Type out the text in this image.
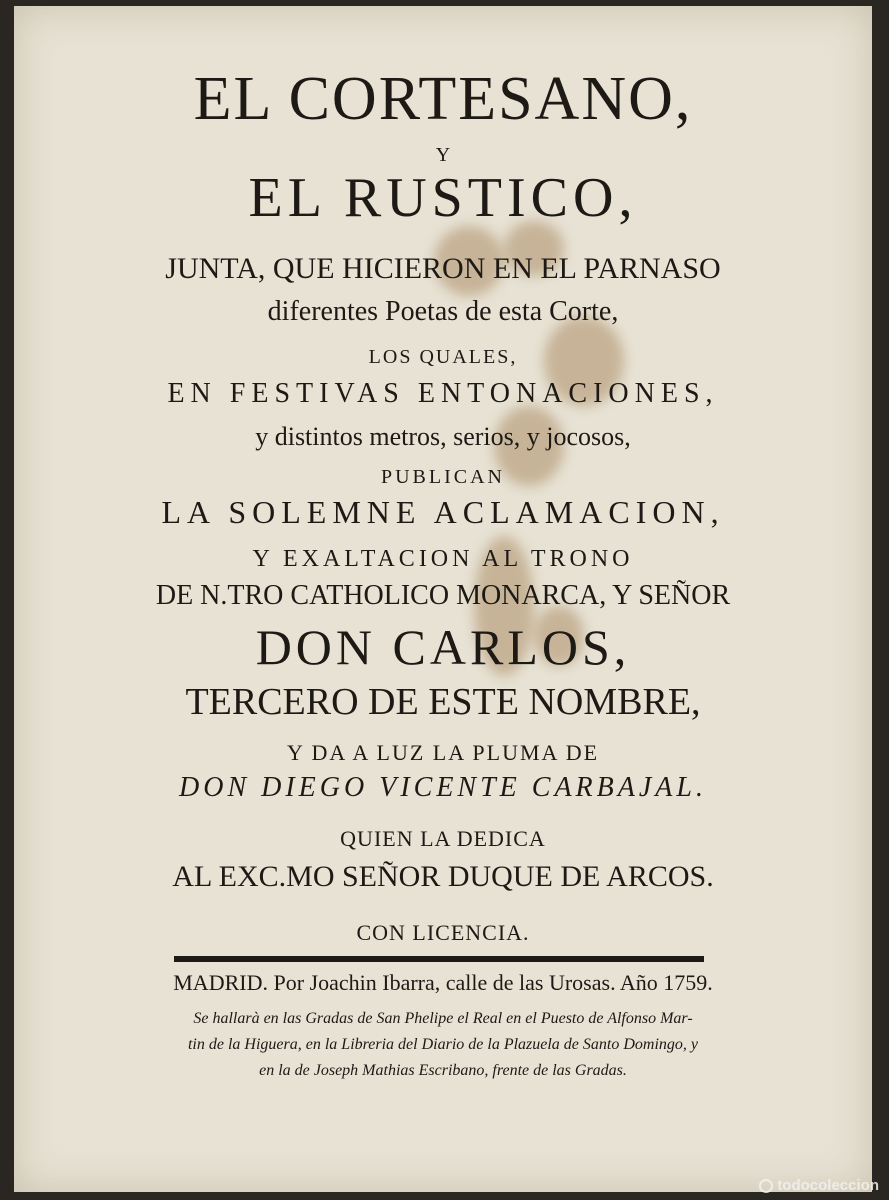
EL CORTESANO,
Y
EL RUSTICO,
JUNTA, QUE HICIERON EN EL PARNASO
diferentes Poetas de esta Corte,
LOS QUALES,
EN FESTIVAS ENTONACIONES,
y distintos metros, serios, y jocosos,
PUBLICAN
LA SOLEMNE ACLAMACION,
Y EXALTACION AL TRONO
DE N.TRO CATHOLICO MONARCA, Y SEÑOR
DON CARLOS,
TERCERO DE ESTE NOMBRE,
Y DA A LUZ LA PLUMA DE
DON DIEGO VICENTE CARBAJAL.
QUIEN LA DEDICA
AL EXC.MO SEÑOR DUQUE DE ARCOS.
CON LICENCIA.
MADRID. Por Joachin Ibarra, calle de las Urosas. Año 1759.
Se hallarà en las Gradas de San Phelipe el Real en el Puesto de Alfonso Mar-
tin de la Higuera, en la Libreria del Diario de la Plazuela de Santo Domingo, y
en la de Joseph Mathias Escribano, frente de las Gradas.
todocoleccion
